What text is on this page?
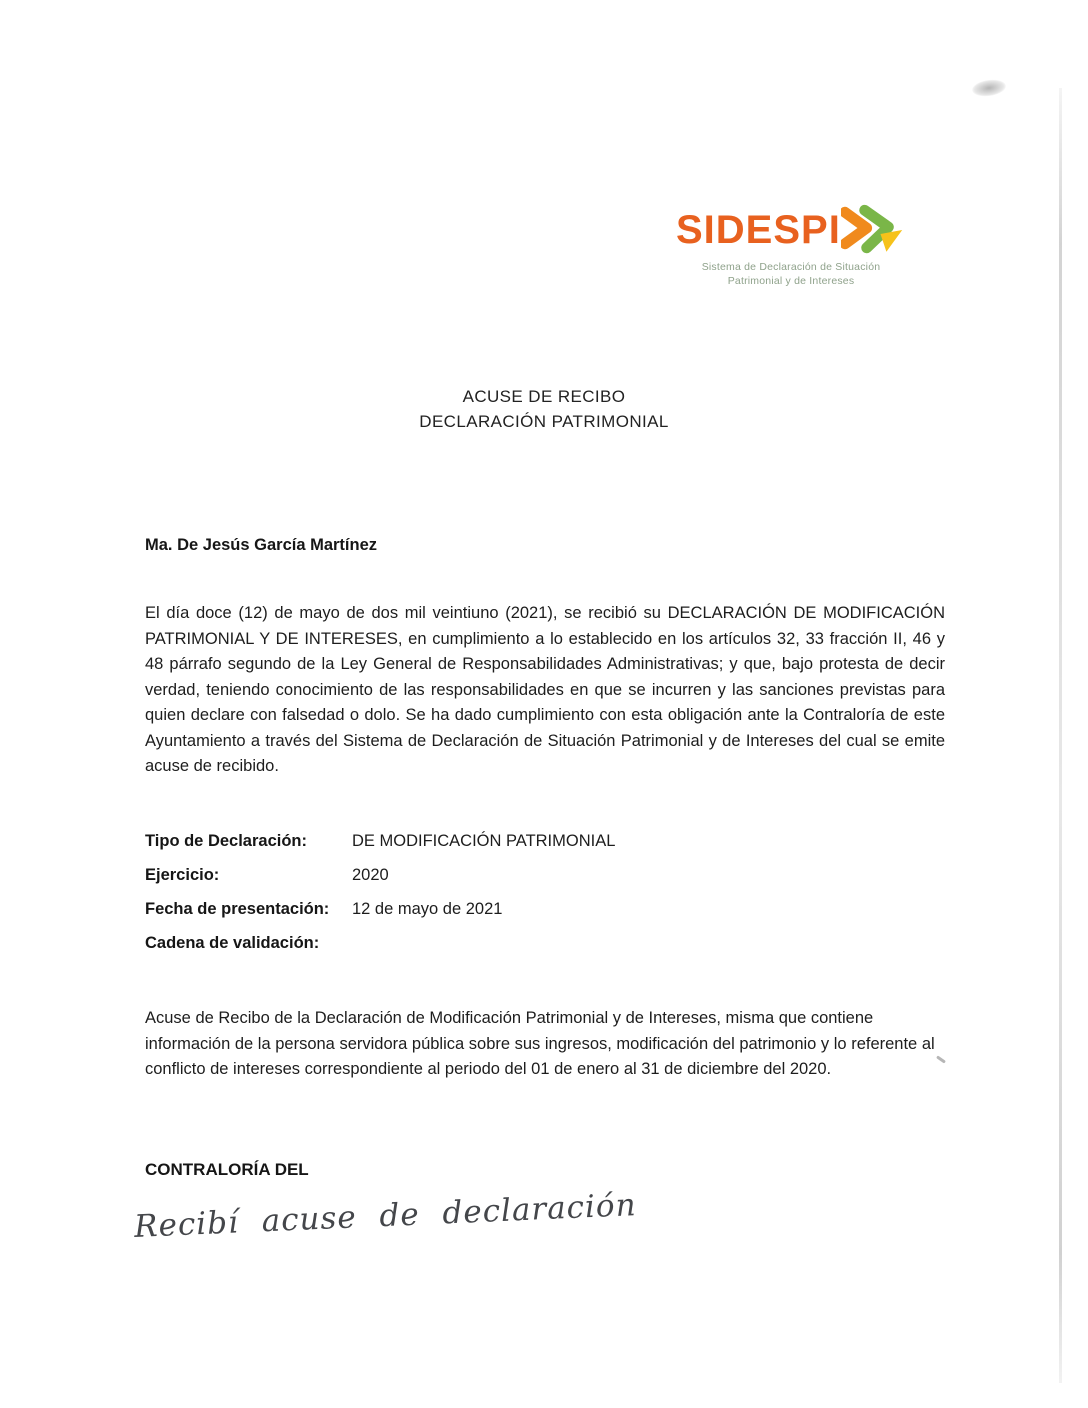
SIDESPI
Sistema de Declaración de Situación
Patrimonial y de Intereses
ACUSE DE RECIBO
DECLARACIÓN PATRIMONIAL
Ma. De Jesús García Martínez
El día doce (12) de mayo de dos mil veintiuno (2021), se recibió su DECLARACIÓN DE MODIFICACIÓN PATRIMONIAL Y DE INTERESES, en cumplimiento a lo establecido en los artículos 32, 33 fracción II, 46 y 48 párrafo segundo de la Ley General de Responsabilidades Administrativas; y que, bajo protesta de decir verdad, teniendo conocimiento de las responsabilidades en que se incurren y las sanciones previstas para quien declare con falsedad o dolo. Se ha dado cumplimiento con esta obligación ante la Contraloría de este Ayuntamiento a través del Sistema de Declaración de Situación Patrimonial y de Intereses del cual se emite acuse de recibido.
Tipo de Declaración:	DE MODIFICACIÓN PATRIMONIAL
Ejercicio:	2020
Fecha de presentación:	12 de mayo de 2021
Cadena de validación:
Acuse de Recibo de la Declaración de Modificación Patrimonial y de Intereses, misma que contiene información de la persona servidora pública sobre sus ingresos, modificación del patrimonio y lo referente al conflicto de intereses correspondiente al periodo del 01 de enero al 31 de diciembre del 2020.
CONTRALORÍA DEL
Recibí acuse de declaración
